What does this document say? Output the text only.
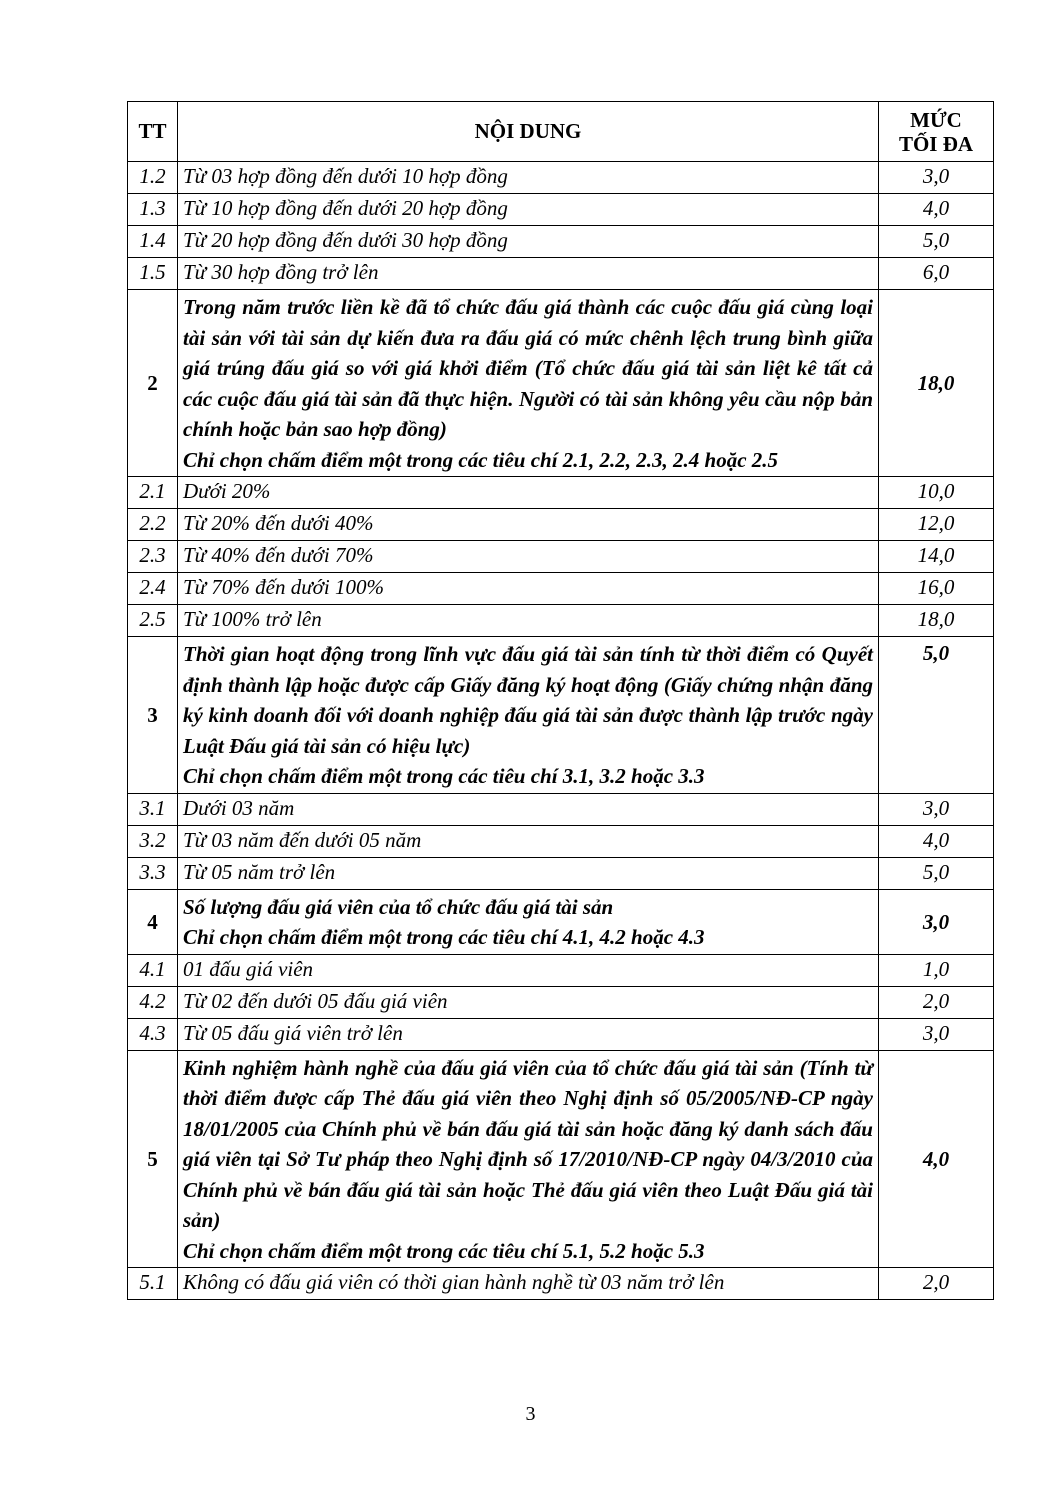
TT	NỘI DUNG	MỨC
TỐI ĐA

1.2	Từ 03 hợp đồng đến dưới 10 hợp đồng	3,0
1.3	Từ 10 hợp đồng đến dưới 20 hợp đồng	4,0
1.4	Từ 20 hợp đồng đến dưới 30 hợp đồng	5,0
1.5	Từ 30 hợp đồng trở lên	6,0
2	Trong năm trước liền kề đã tổ chức đấu giá thành các cuộc đấu giá cùng loại tài sản với tài sản dự kiến đưa ra đấu giá có mức chênh lệch trung bình giữa giá trúng đấu giá so với giá khởi điểm (Tổ chức đấu giá tài sản liệt kê tất cả các cuộc đấu giá tài sản đã thực hiện. Người có tài sản không yêu cầu nộp bản chính hoặc bản sao hợp đồng)
Chỉ chọn chấm điểm một trong các tiêu chí 2.1, 2.2, 2.3, 2.4 hoặc 2.5	18,0
2.1	Dưới 20%	10,0
2.2	Từ 20% đến dưới 40%	12,0
2.3	Từ 40% đến dưới 70%	14,0
2.4	Từ 70% đến dưới 100%	16,0
2.5	Từ 100% trở lên	18,0
3	Thời gian hoạt động trong lĩnh vực đấu giá tài sản tính từ thời điểm có Quyết định thành lập hoặc được cấp Giấy đăng ký hoạt động (Giấy chứng nhận đăng ký kinh doanh đối với doanh nghiệp đấu giá tài sản được thành lập trước ngày Luật Đấu giá tài sản có hiệu lực)
Chỉ chọn chấm điểm một trong các tiêu chí 3.1, 3.2 hoặc 3.3	5,0
3.1	Dưới 03 năm	3,0
3.2	Từ 03 năm đến dưới 05 năm	4,0
3.3	Từ 05 năm trở lên	5,0
4	Số lượng đấu giá viên của tổ chức đấu giá tài sản
Chỉ chọn chấm điểm một trong các tiêu chí 4.1, 4.2 hoặc 4.3	3,0
4.1	01 đấu giá viên	1,0
4.2	Từ 02 đến dưới 05 đấu giá viên	2,0
4.3	Từ 05 đấu giá viên trở lên	3,0
5	Kinh nghiệm hành nghề của đấu giá viên của tổ chức đấu giá tài sản (Tính từ thời điểm được cấp Thẻ đấu giá viên theo Nghị định số 05/2005/NĐ-CP ngày 18/01/2005 của Chính phủ về bán đấu giá tài sản hoặc đăng ký danh sách đấu giá viên tại Sở Tư pháp theo Nghị định số 17/2010/NĐ-CP ngày 04/3/2010 của Chính phủ về bán đấu giá tài sản hoặc Thẻ đấu giá viên theo Luật Đấu giá tài sản)
Chỉ chọn chấm điểm một trong các tiêu chí 5.1, 5.2 hoặc 5.3	4,0
5.1	Không có đấu giá viên có thời gian hành nghề từ 03 năm trở lên	2,0
3
